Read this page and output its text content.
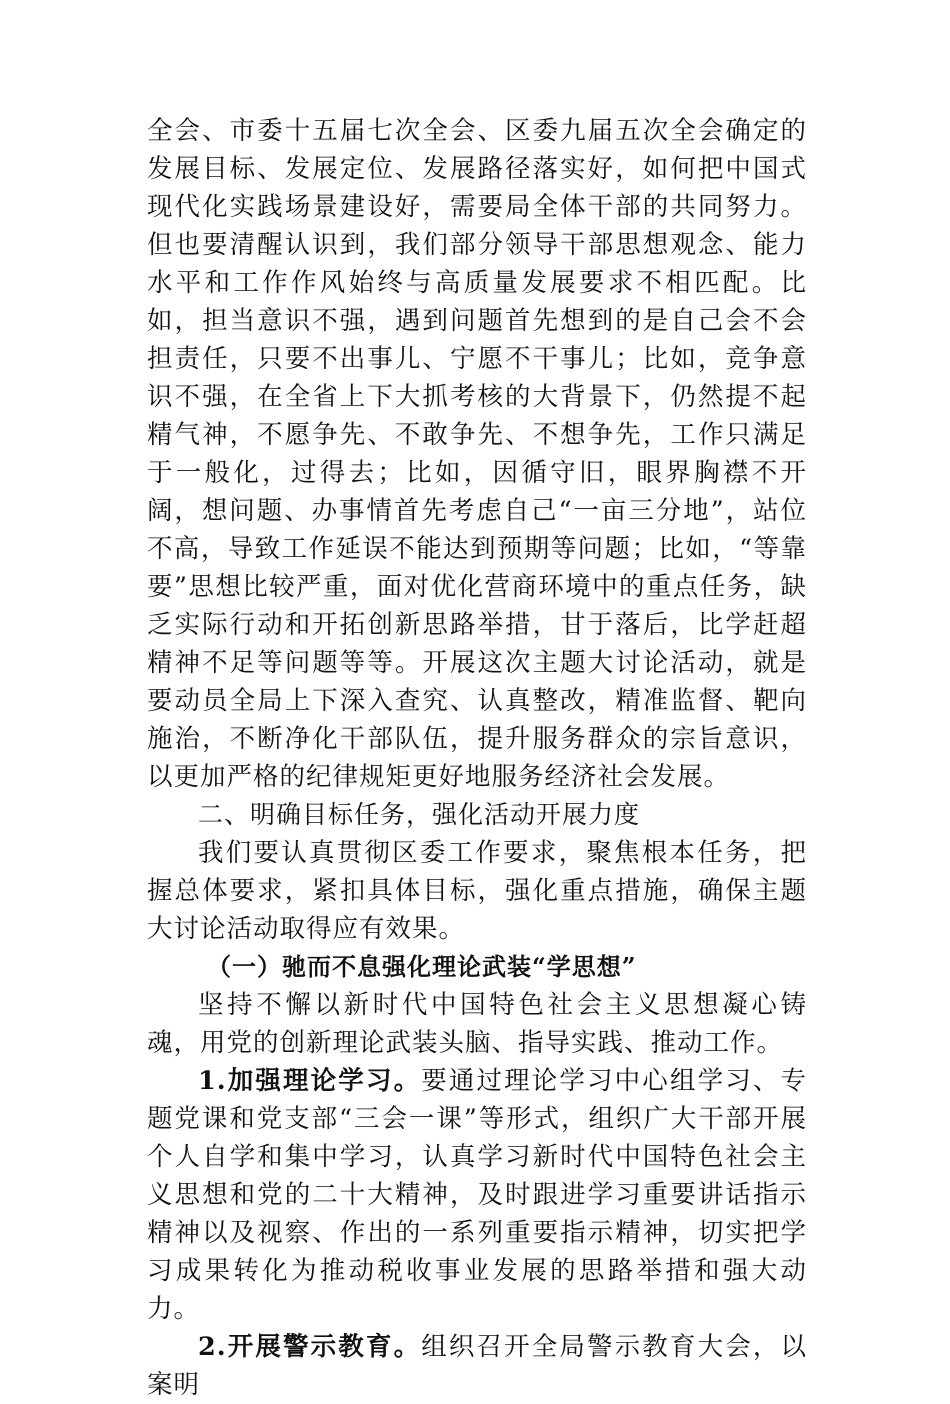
全会、市委十五届七次全会、区委九届五次全会确定的发展目标、发展定位、发展路径落实好，如何把中国式现代化实践场景建设好，需要局全体干部的共同努力。但也要清醒认识到，我们部分领导干部思想观念、能力水平和工作作风始终与高质量发展要求不相匹配。比如，担当意识不强，遇到问题首先想到的是自己会不会担责任，只要不出事儿、宁愿不干事儿；比如，竞争意识不强，在全省上下大抓考核的大背景下，仍然提不起精气神，不愿争先、不敢争先、不想争先，工作只满足于一般化，过得去；比如，因循守旧，眼界胸襟不开阔，想问题、办事情首先考虑自己“一亩三分地”，站位不高，导致工作延误不能达到预期等问题；比如，“等靠要”思想比较严重，面对优化营商环境中的重点任务，缺乏实际行动和开拓创新思路举措，甘于落后，比学赶超精神不足等问题等等。开展这次主题大讨论活动，就是要动员全局上下深入查究、认真整改，精准监督、靶向施治，不断净化干部队伍，提升服务群众的宗旨意识，以更加严格的纪律规矩更好地服务经济社会发展。

二、明确目标任务，强化活动开展力度

我们要认真贯彻区委工作要求，聚焦根本任务，把握总体要求，紧扣具体目标，强化重点措施，确保主题大讨论活动取得应有效果。

（一）驰而不息强化理论武装“学思想”

坚持不懈以新时代中国特色社会主义思想凝心铸魂，用党的创新理论武装头脑、指导实践、推动工作。

1.加强理论学习。要通过理论学习中心组学习、专题党课和党支部“三会一课”等形式，组织广大干部开展个人自学和集中学习，认真学习新时代中国特色社会主义思想和党的二十大精神，及时跟进学习重要讲话指示精神以及视察、作出的一系列重要指示精神，切实把学习成果转化为推动税收事业发展的思路举措和强大动力。

2.开展警示教育。组织召开全局警示教育大会，以案明
